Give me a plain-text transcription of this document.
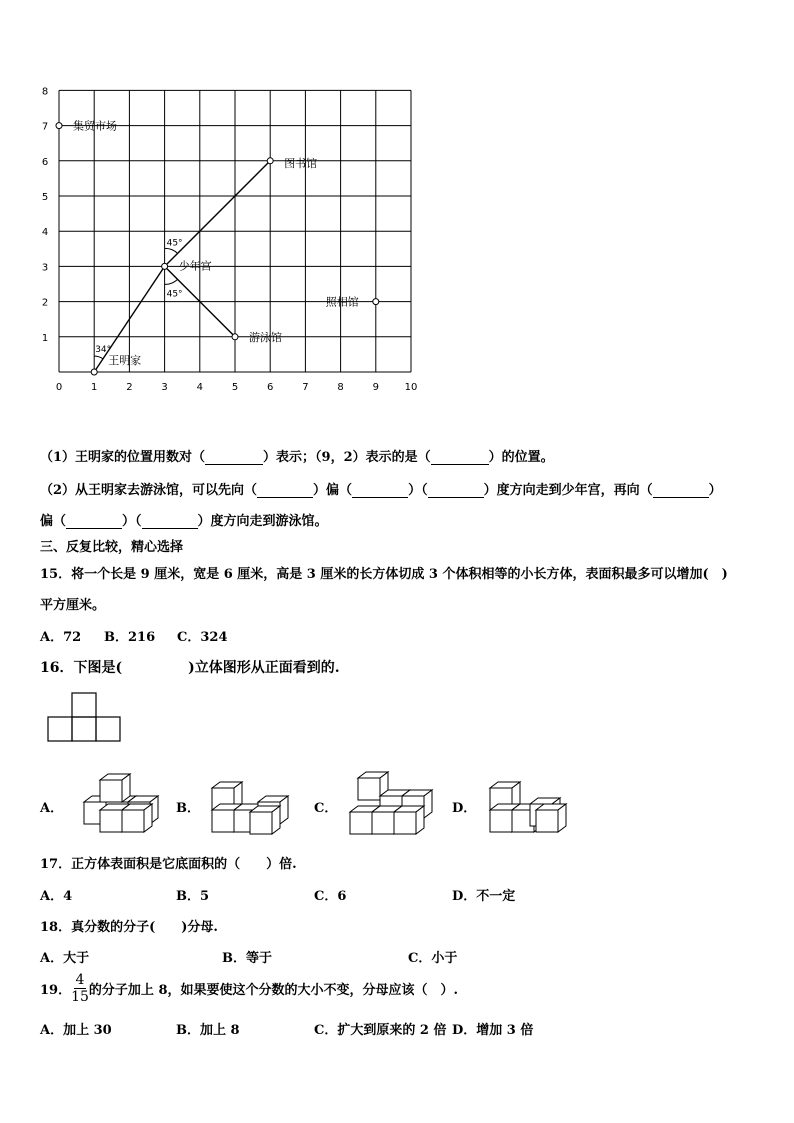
0	1	2	3	4	5	6	7	8	9	10
1
2
3
4
5
6
7
8
王明家
少年宫
图书馆
游泳馆
集贸市场
照相馆
34°
45°
45°
（1）王明家的位置用数对（	）表示；（9，2）表示的是（	）的位置。
（2）从王明家去游泳馆，可以先向（	）偏（	）（	）度方向走到少年宫，再向（	）
偏（	）（	）度方向走到游泳馆。
三、反复比较，精心选择
15．将一个长是 9 厘米，宽是 6 厘米，高是 3 厘米的长方体切成 3 个体积相等的小长方体，表面积最多可以增加(　)
平方厘米。
A．72 B．216 C．324
16．下图是(	)立体图形从正面看到的.
A．	B．	C．	D．
17．正方体表面积是它底面积的（　　）倍.
A．4	B．5	C．6	D．不一定
18．真分数的分子(　　)分母.
A．大于	B．等于	C．小于
19． $\frac{4}{15}$ 的分子加上 8，如果要使这个分数的大小不变，分母应该（　）.
A．加上 30	B．加上 8	C．扩大到原来的 2 倍 D．增加 3 倍
